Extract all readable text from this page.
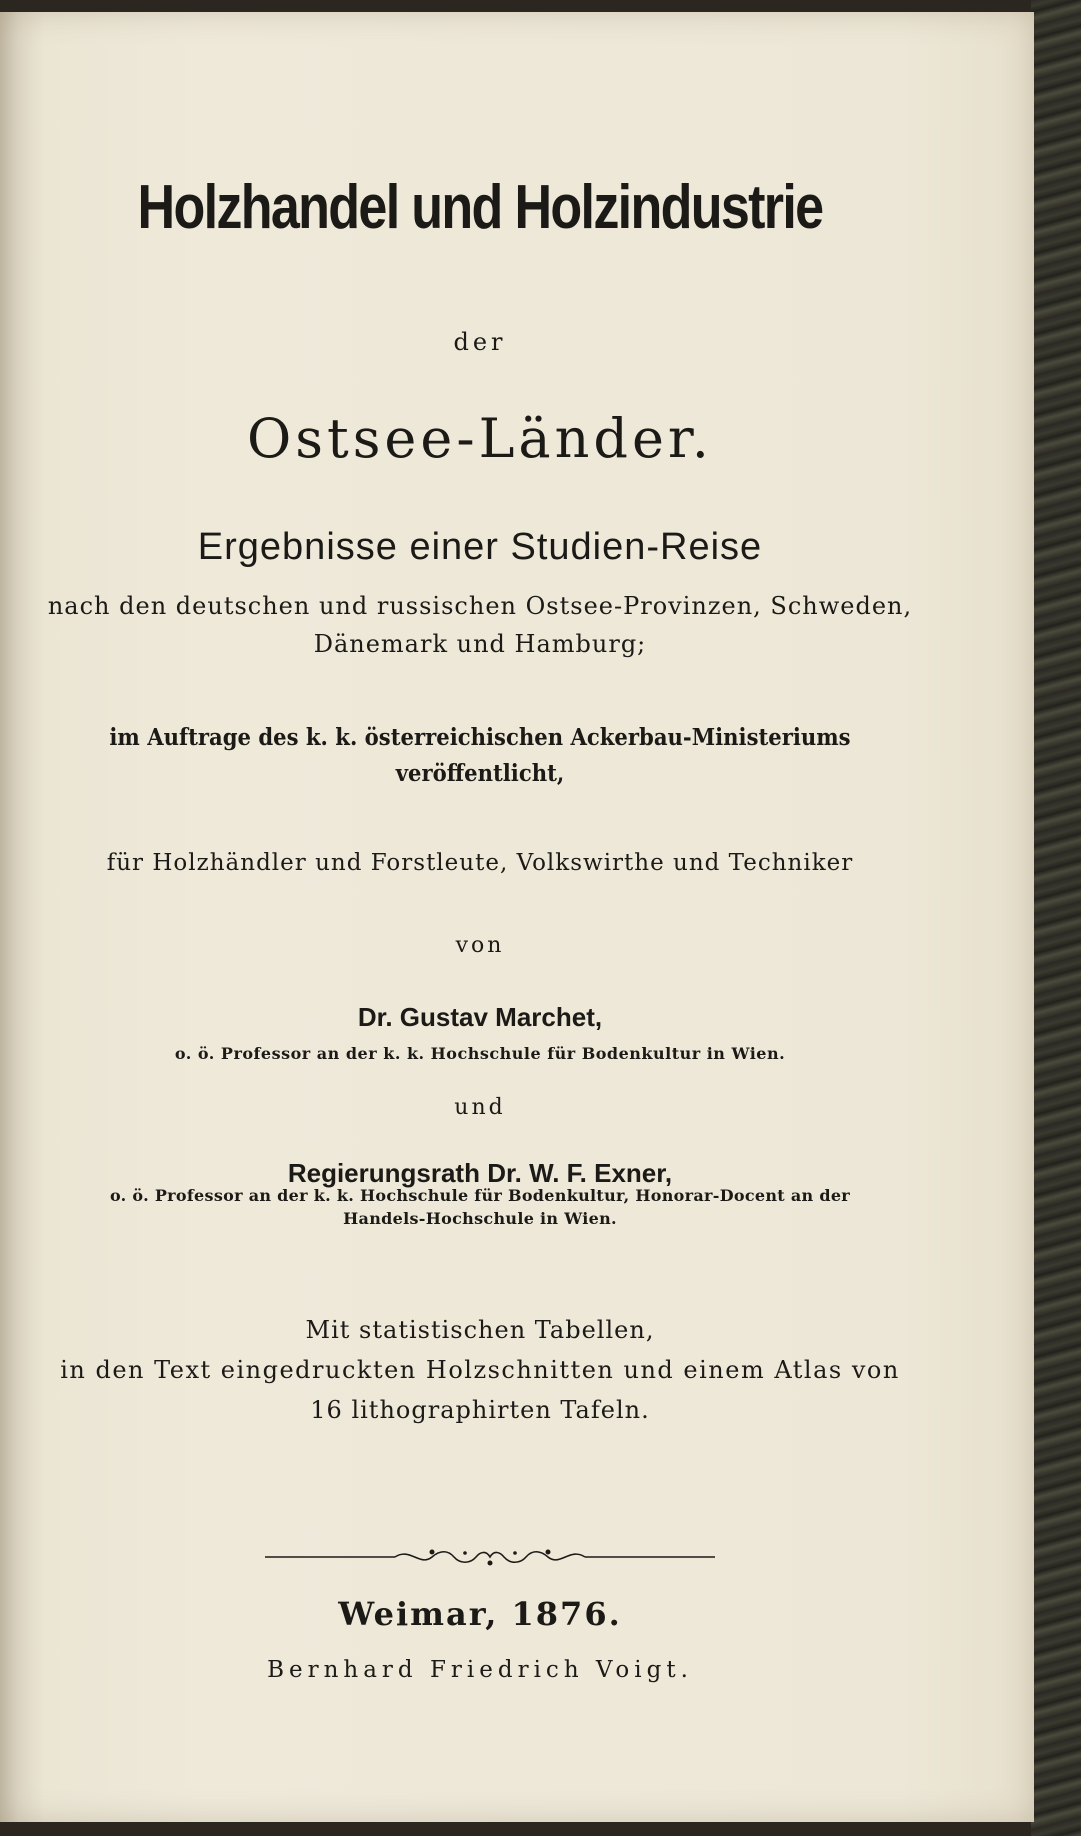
Holzhandel und Holzindustrie

der

Ostsee-Länder.

Ergebnisse einer Studien-Reise

nach den deutschen und russischen Ostsee-Provinzen, Schweden,

Dänemark und Hamburg;

im Auftrage des k. k. österreichischen Ackerbau-Ministeriums

veröffentlicht,

für Holzhändler und Forstleute, Volkswirthe und Techniker

von

Dr. Gustav Marchet,

o. ö. Professor an der k. k. Hochschule für Bodenkultur in Wien.

und

Regierungsrath Dr. W. F. Exner,

o. ö. Professor an der k. k. Hochschule für Bodenkultur, Honorar-Docent an der

Handels-Hochschule in Wien.

Mit statistischen Tabellen,

in den Text eingedruckten Holzschnitten und einem Atlas von

16 lithographirten Tafeln.

Weimar, 1876.

Bernhard Friedrich Voigt.
